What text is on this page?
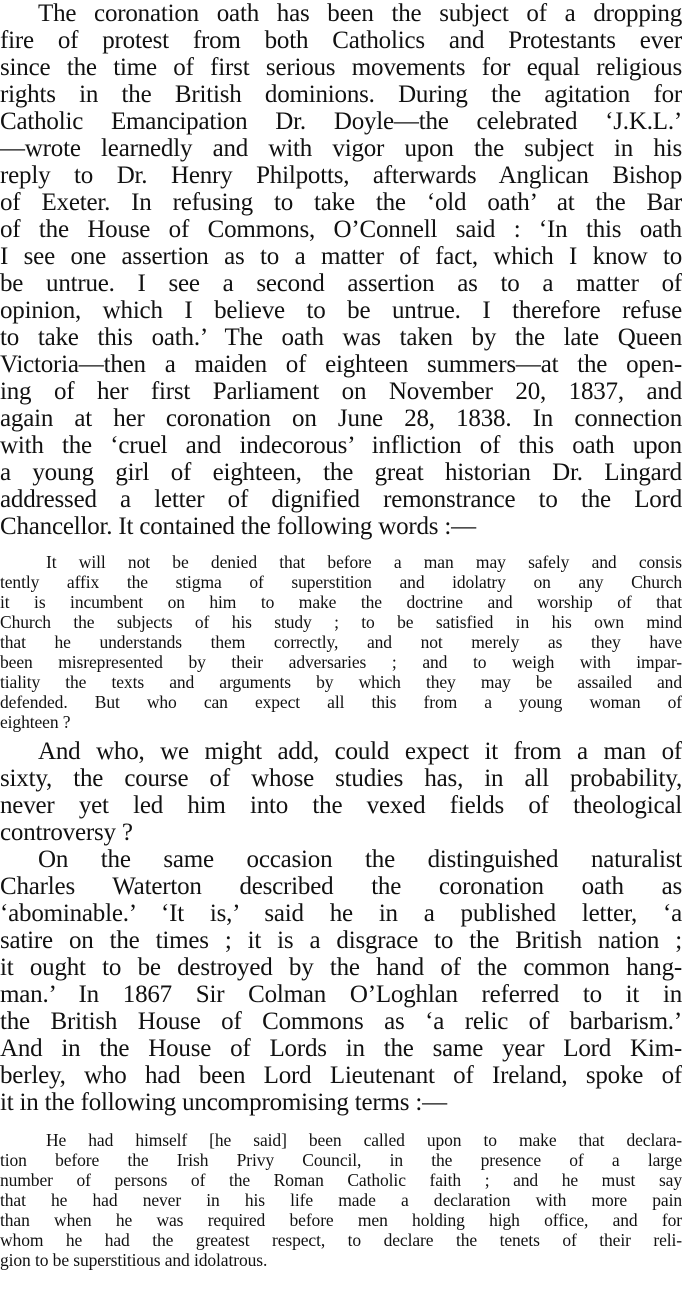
The coronation oath has been the subject of a dropping
fire of protest from both Catholics and Protestants ever
since the time of first serious movements for equal religious
rights in the British dominions. During the agitation for
Catholic Emancipation Dr. Doyle—the celebrated ‘J.K.L.’
—wrote learnedly and with vigor upon the subject in his
reply to Dr. Henry Philpotts, afterwards Anglican Bishop
of Exeter. In refusing to take the ‘old oath’ at the Bar
of the House of Commons, O’Connell said : ‘In this oath
I see one assertion as to a matter of fact, which I know to
be untrue. I see a second assertion as to a matter of
opinion, which I believe to be untrue. I therefore refuse
to take this oath.’ The oath was taken by the late Queen
Victoria—then a maiden of eighteen summers—at the open-
ing of her first Parliament on November 20, 1837, and
again at her coronation on June 28, 1838. In connection
with the ‘cruel and indecorous’ infliction of this oath upon
a young girl of eighteen, the great historian Dr. Lingard
addressed a letter of dignified remonstrance to the Lord
Chancellor. It contained the following words :—
It will not be denied that before a man may safely and consis
tently affix the stigma of superstition and idolatry on any Church
it is incumbent on him to make the doctrine and worship of that
Church the subjects of his study ; to be satisfied in his own mind
that he understands them correctly, and not merely as they have
been misrepresented by their adversaries ; and to weigh with impar-
tiality the texts and arguments by which they may be assailed and
defended. But who can expect all this from a young woman of
eighteen ?
And who, we might add, could expect it from a man of
sixty, the course of whose studies has, in all probability,
never yet led him into the vexed fields of theological
controversy ?
On the same occasion the distinguished naturalist
Charles Waterton described the coronation oath as
‘abominable.’ ‘It is,’ said he in a published letter, ‘a
satire on the times ; it is a disgrace to the British nation ;
it ought to be destroyed by the hand of the common hang-
man.’ In 1867 Sir Colman O’Loghlan referred to it in
the British House of Commons as ‘a relic of barbarism.’
And in the House of Lords in the same year Lord Kim-
berley, who had been Lord Lieutenant of Ireland, spoke of
it in the following uncompromising terms :—
He had himself [he said] been called upon to make that declara-
tion before the Irish Privy Council, in the presence of a large
number of persons of the Roman Catholic faith ; and he must say
that he had never in his life made a declaration with more pain
than when he was required before men holding high office, and for
whom he had the greatest respect, to declare the tenets of their reli-
gion to be superstitious and idolatrous.
